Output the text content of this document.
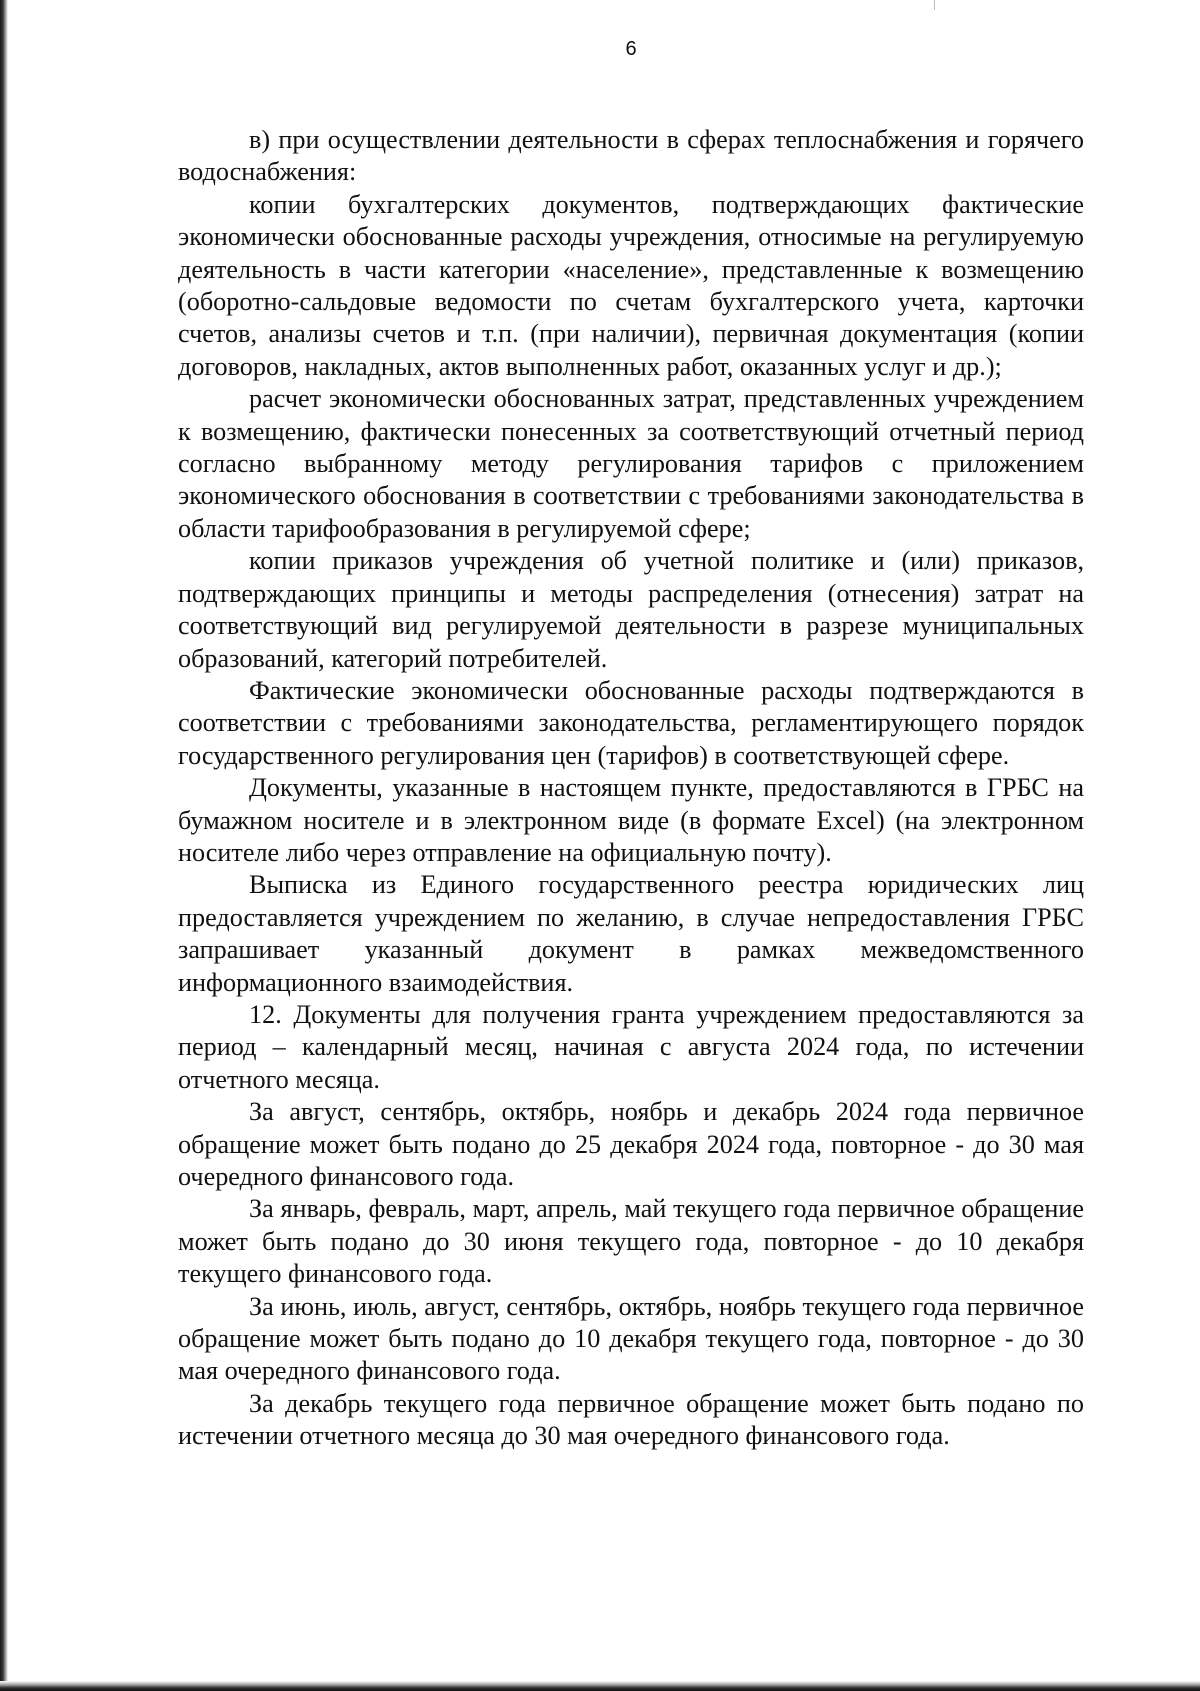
6

в) при осуществлении деятельности в сферах теплоснабжения и горячего водоснабжения:

копии бухгалтерских документов, подтверждающих фактические экономически обоснованные расходы учреждения, относимые на регулируемую деятельность в части категории «население», представленные к возмещению (оборотно-сальдовые ведомости по счетам бухгалтерского учета, карточки счетов, анализы счетов и т.п. (при наличии), первичная документация (копии договоров, накладных, актов выполненных работ, оказанных услуг и др.);

расчет экономически обоснованных затрат, представленных учреждением к возмещению, фактически понесенных за соответствующий отчетный период согласно выбранному методу регулирования тарифов с приложением экономического обоснования в соответствии с требованиями законодательства в области тарифообразования в регулируемой сфере;

копии приказов учреждения об учетной политике и (или) приказов, подтверждающих принципы и методы распределения (отнесения) затрат на соответствующий вид регулируемой деятельности в разрезе муниципальных образований, категорий потребителей.

Фактические экономически обоснованные расходы подтверждаются в соответствии с требованиями законодательства, регламентирующего порядок государственного регулирования цен (тарифов) в соответствующей сфере.

Документы, указанные в настоящем пункте, предоставляются в ГРБС на бумажном носителе и в электронном виде (в формате Excel) (на электронном носителе либо через отправление на официальную почту).

Выписка из Единого государственного реестра юридических лиц предоставляется учреждением по желанию, в случае непредоставления ГРБС запрашивает указанный документ в рамках межведомственного информационного взаимодействия.

12. Документы для получения гранта учреждением предоставляются за период – календарный месяц, начиная с августа 2024 года, по истечении отчетного месяца.

За август, сентябрь, октябрь, ноябрь и декабрь 2024 года первичное обращение может быть подано до 25 декабря 2024 года, повторное - до 30 мая очередного финансового года.

За январь, февраль, март, апрель, май текущего года первичное обращение может быть подано до 30 июня текущего года, повторное - до 10 декабря текущего финансового года.

За июнь, июль, август, сентябрь, октябрь, ноябрь текущего года первичное обращение может быть подано до 10 декабря текущего года, повторное - до 30 мая очередного финансового года.

За декабрь текущего года первичное обращение может быть подано по истечении отчетного месяца до 30 мая очередного финансового года.
